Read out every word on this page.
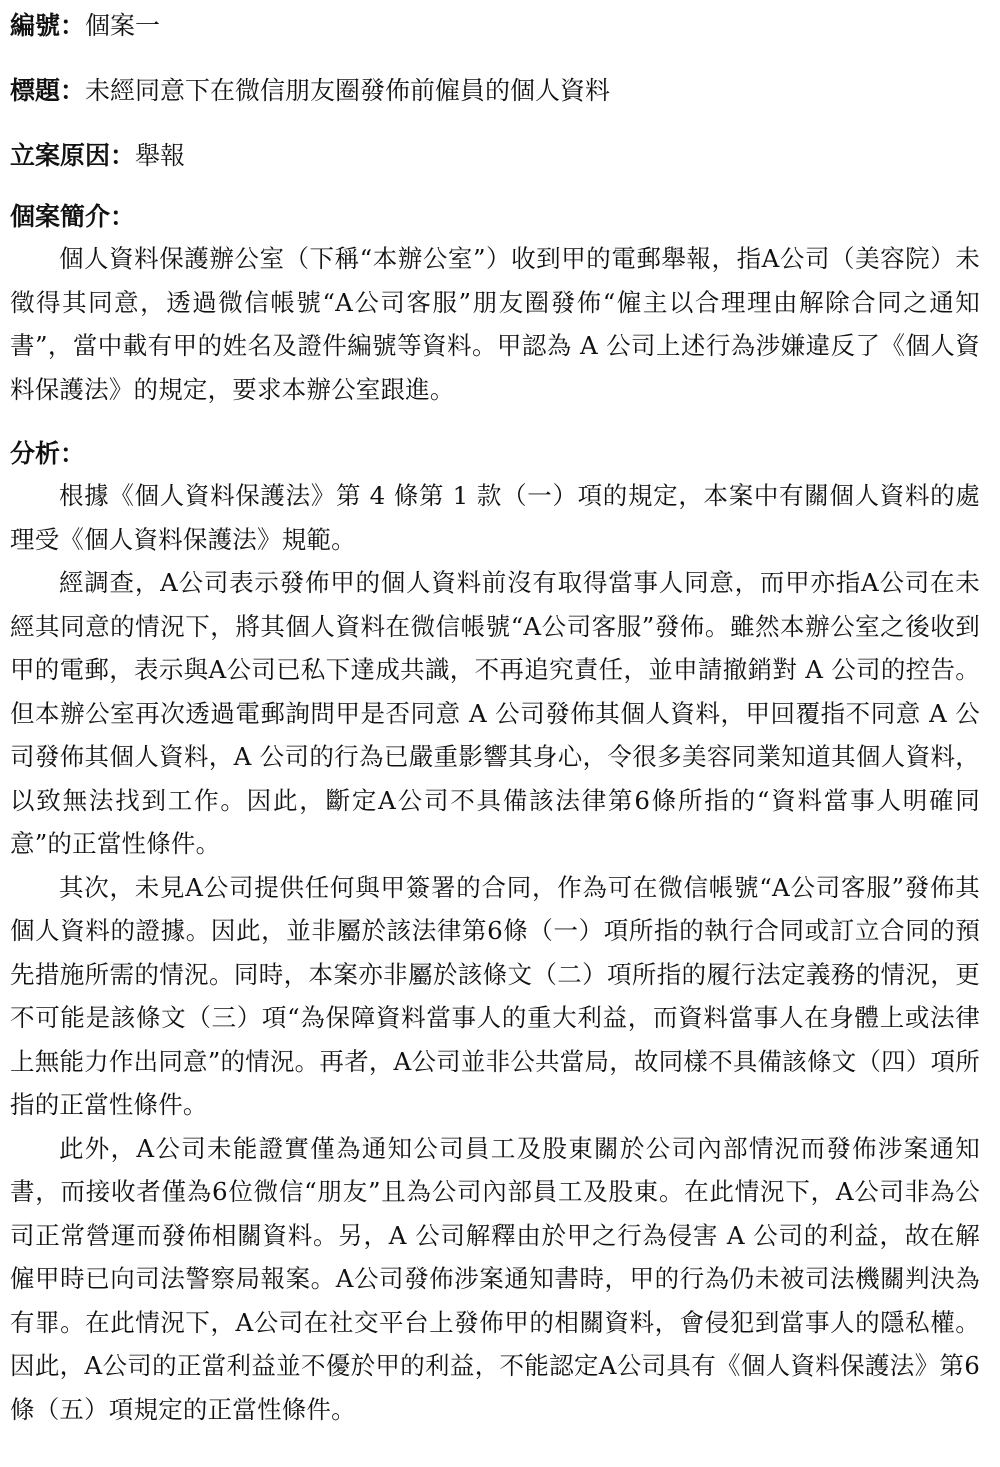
編號：個案一
標題：未經同意下在微信朋友圈發佈前僱員的個人資料
立案原因：舉報
個案簡介：

個人資料保護辦公室（下稱“本辦公室”）收到甲的電郵舉報，指A公司（美容院）未徵得其同意，透過微信帳號“A公司客服”朋友圈發佈“僱主以合理理由解除合同之通知書”，當中載有甲的姓名及證件編號等資料。甲認為 A 公司上述行為涉嫌違反了《個人資料保護法》的規定，要求本辦公室跟進。

分析：

根據《個人資料保護法》第 4 條第 1 款（一）項的規定，本案中有關個人資料的處理受《個人資料保護法》規範。

經調查，A公司表示發佈甲的個人資料前沒有取得當事人同意，而甲亦指A公司在未經其同意的情況下，將其個人資料在微信帳號“A公司客服”發佈。雖然本辦公室之後收到甲的電郵，表示與A公司已私下達成共識，不再追究責任，並申請撤銷對 A 公司的控告。但本辦公室再次透過電郵詢問甲是否同意 A 公司發佈其個人資料，甲回覆指不同意 A 公司發佈其個人資料，A 公司的行為已嚴重影響其身心，令很多美容同業知道其個人資料，以致無法找到工作。因此，斷定A公司不具備該法律第6條所指的“資料當事人明確同意”的正當性條件。

其次，未見A公司提供任何與甲簽署的合同，作為可在微信帳號“A公司客服”發佈其個人資料的證據。因此，並非屬於該法律第6條（一）項所指的執行合同或訂立合同的預先措施所需的情況。同時，本案亦非屬於該條文（二）項所指的履行法定義務的情況，更不可能是該條文（三）項“為保障資料當事人的重大利益，而資料當事人在身體上或法律上無能力作出同意”的情況。再者，A公司並非公共當局，故同樣不具備該條文（四）項所指的正當性條件。

此外，A公司未能證實僅為通知公司員工及股東關於公司內部情況而發佈涉案通知書，而接收者僅為6位微信“朋友”且為公司內部員工及股東。在此情況下，A公司非為公司正常營運而發佈相關資料。另，A 公司解釋由於甲之行為侵害 A 公司的利益，故在解僱甲時已向司法警察局報案。A公司發佈涉案通知書時，甲的行為仍未被司法機關判決為有罪。在此情況下，A公司在社交平台上發佈甲的相關資料，會侵犯到當事人的隱私權。因此，A公司的正當利益並不優於甲的利益，不能認定A公司具有《個人資料保護法》第6條（五）項規定的正當性條件。
